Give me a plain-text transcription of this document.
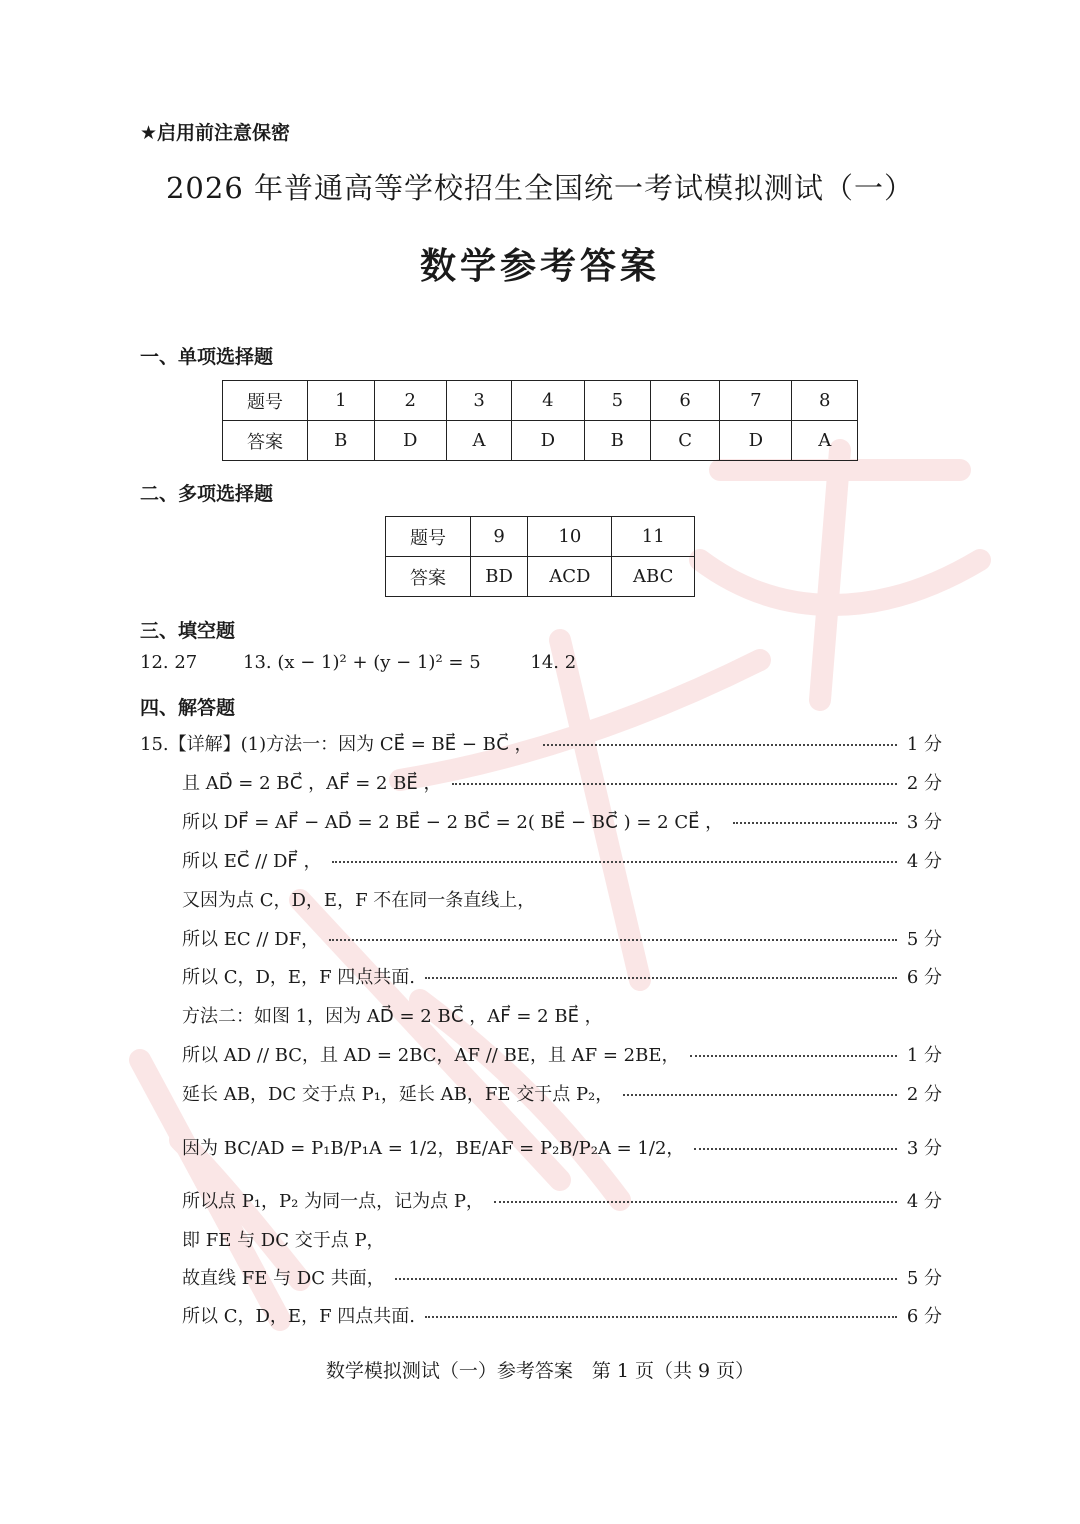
★启用前注意保密
2026 年普通高等学校招生全国统一考试模拟测试（一）
数学参考答案
一、单项选择题
题号	1	2	3	4	5	6	7	8
答案	B	D	A	D	B	C	D	A
二、多项选择题
题号	9	10	11
答案	BD	ACD	ABC
三、填空题
12. 27	13. (x − 1)² + (y − 1)² = 5	14. 2
四、解答题
15.【详解】(1)方法一：因为 CE⃗ = BE⃗ − BC⃗ ，	1 分
且 AD⃗ = 2 BC⃗ ，AF⃗ = 2 BE⃗ ，	2 分
所以 DF⃗ = AF⃗ − AD⃗ = 2 BE⃗ − 2 BC⃗ = 2( BE⃗ − BC⃗ ) = 2 CE⃗ ，	3 分
所以 EC⃗ // DF⃗ ，	4 分
又因为点 C，D，E，F 不在同一条直线上，
所以 EC // DF，	5 分
所以 C，D，E，F 四点共面.	6 分
方法二：如图 1，因为 AD⃗ = 2 BC⃗ ，AF⃗ = 2 BE⃗ ，
所以 AD // BC，且 AD = 2BC，AF // BE，且 AF = 2BE，	1 分
延长 AB，DC 交于点 P₁，延长 AB，FE 交于点 P₂，	2 分
因为 BC/AD = P₁B/P₁A = 1/2，BE/AF = P₂B/P₂A = 1/2，	3 分
所以点 P₁，P₂ 为同一点，记为点 P，	4 分
即 FE 与 DC 交于点 P，
故直线 FE 与 DC 共面，	5 分
所以 C，D，E，F 四点共面.	6 分
数学模拟测试（一）参考答案　第 1 页（共 9 页）
